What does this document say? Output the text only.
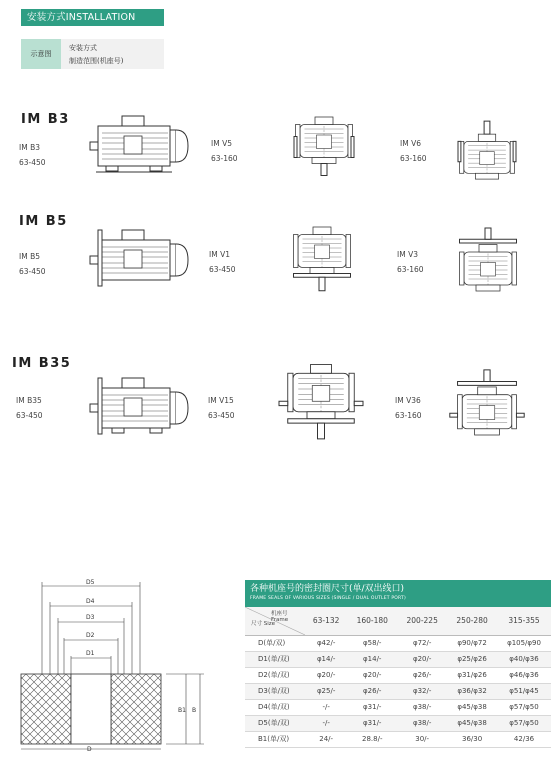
安装方式INSTALLATION
示意图
安装方式
制造范围(机座号)
IM B3
IM B3
63-450
IM V5
63-160
IM V6
63-160
IM B5
IM B5
63-450
IM V1
63-450
IM V3
63-160
IM B35
IM B35
63-450
IM V15
63-450
IM V36
63-160
D5
D4
D3
D2
D1
B1 B
D
各种机座号的密封圈尺寸(单/双出线口)
FRAME SEALS OF VARIOUS SIZES (SINGLE / DUAL OUTLET PORT)
机座号 Frame
尺寸 Size	63-132	160-180	200-225	250-280	315-355
D(单/双)	φ42/-	φ58/-	φ72/-	φ90/φ72	φ105/φ90
D1(单/双)	φ14/-	φ14/-	φ20/-	φ25/φ26	φ40/φ36
D2(单/双)	φ20/-	φ20/-	φ26/-	φ31/φ26	φ46/φ36
D3(单/双)	φ25/-	φ26/-	φ32/-	φ36/φ32	φ51/φ45
D4(单/双)	-/-	φ31/-	φ38/-	φ45/φ38	φ57/φ50
D5(单/双)	-/-	φ31/-	φ38/-	φ45/φ38	φ57/φ50
B1(单/双)	24/-	28.8/-	30/-	36/30	42/36
